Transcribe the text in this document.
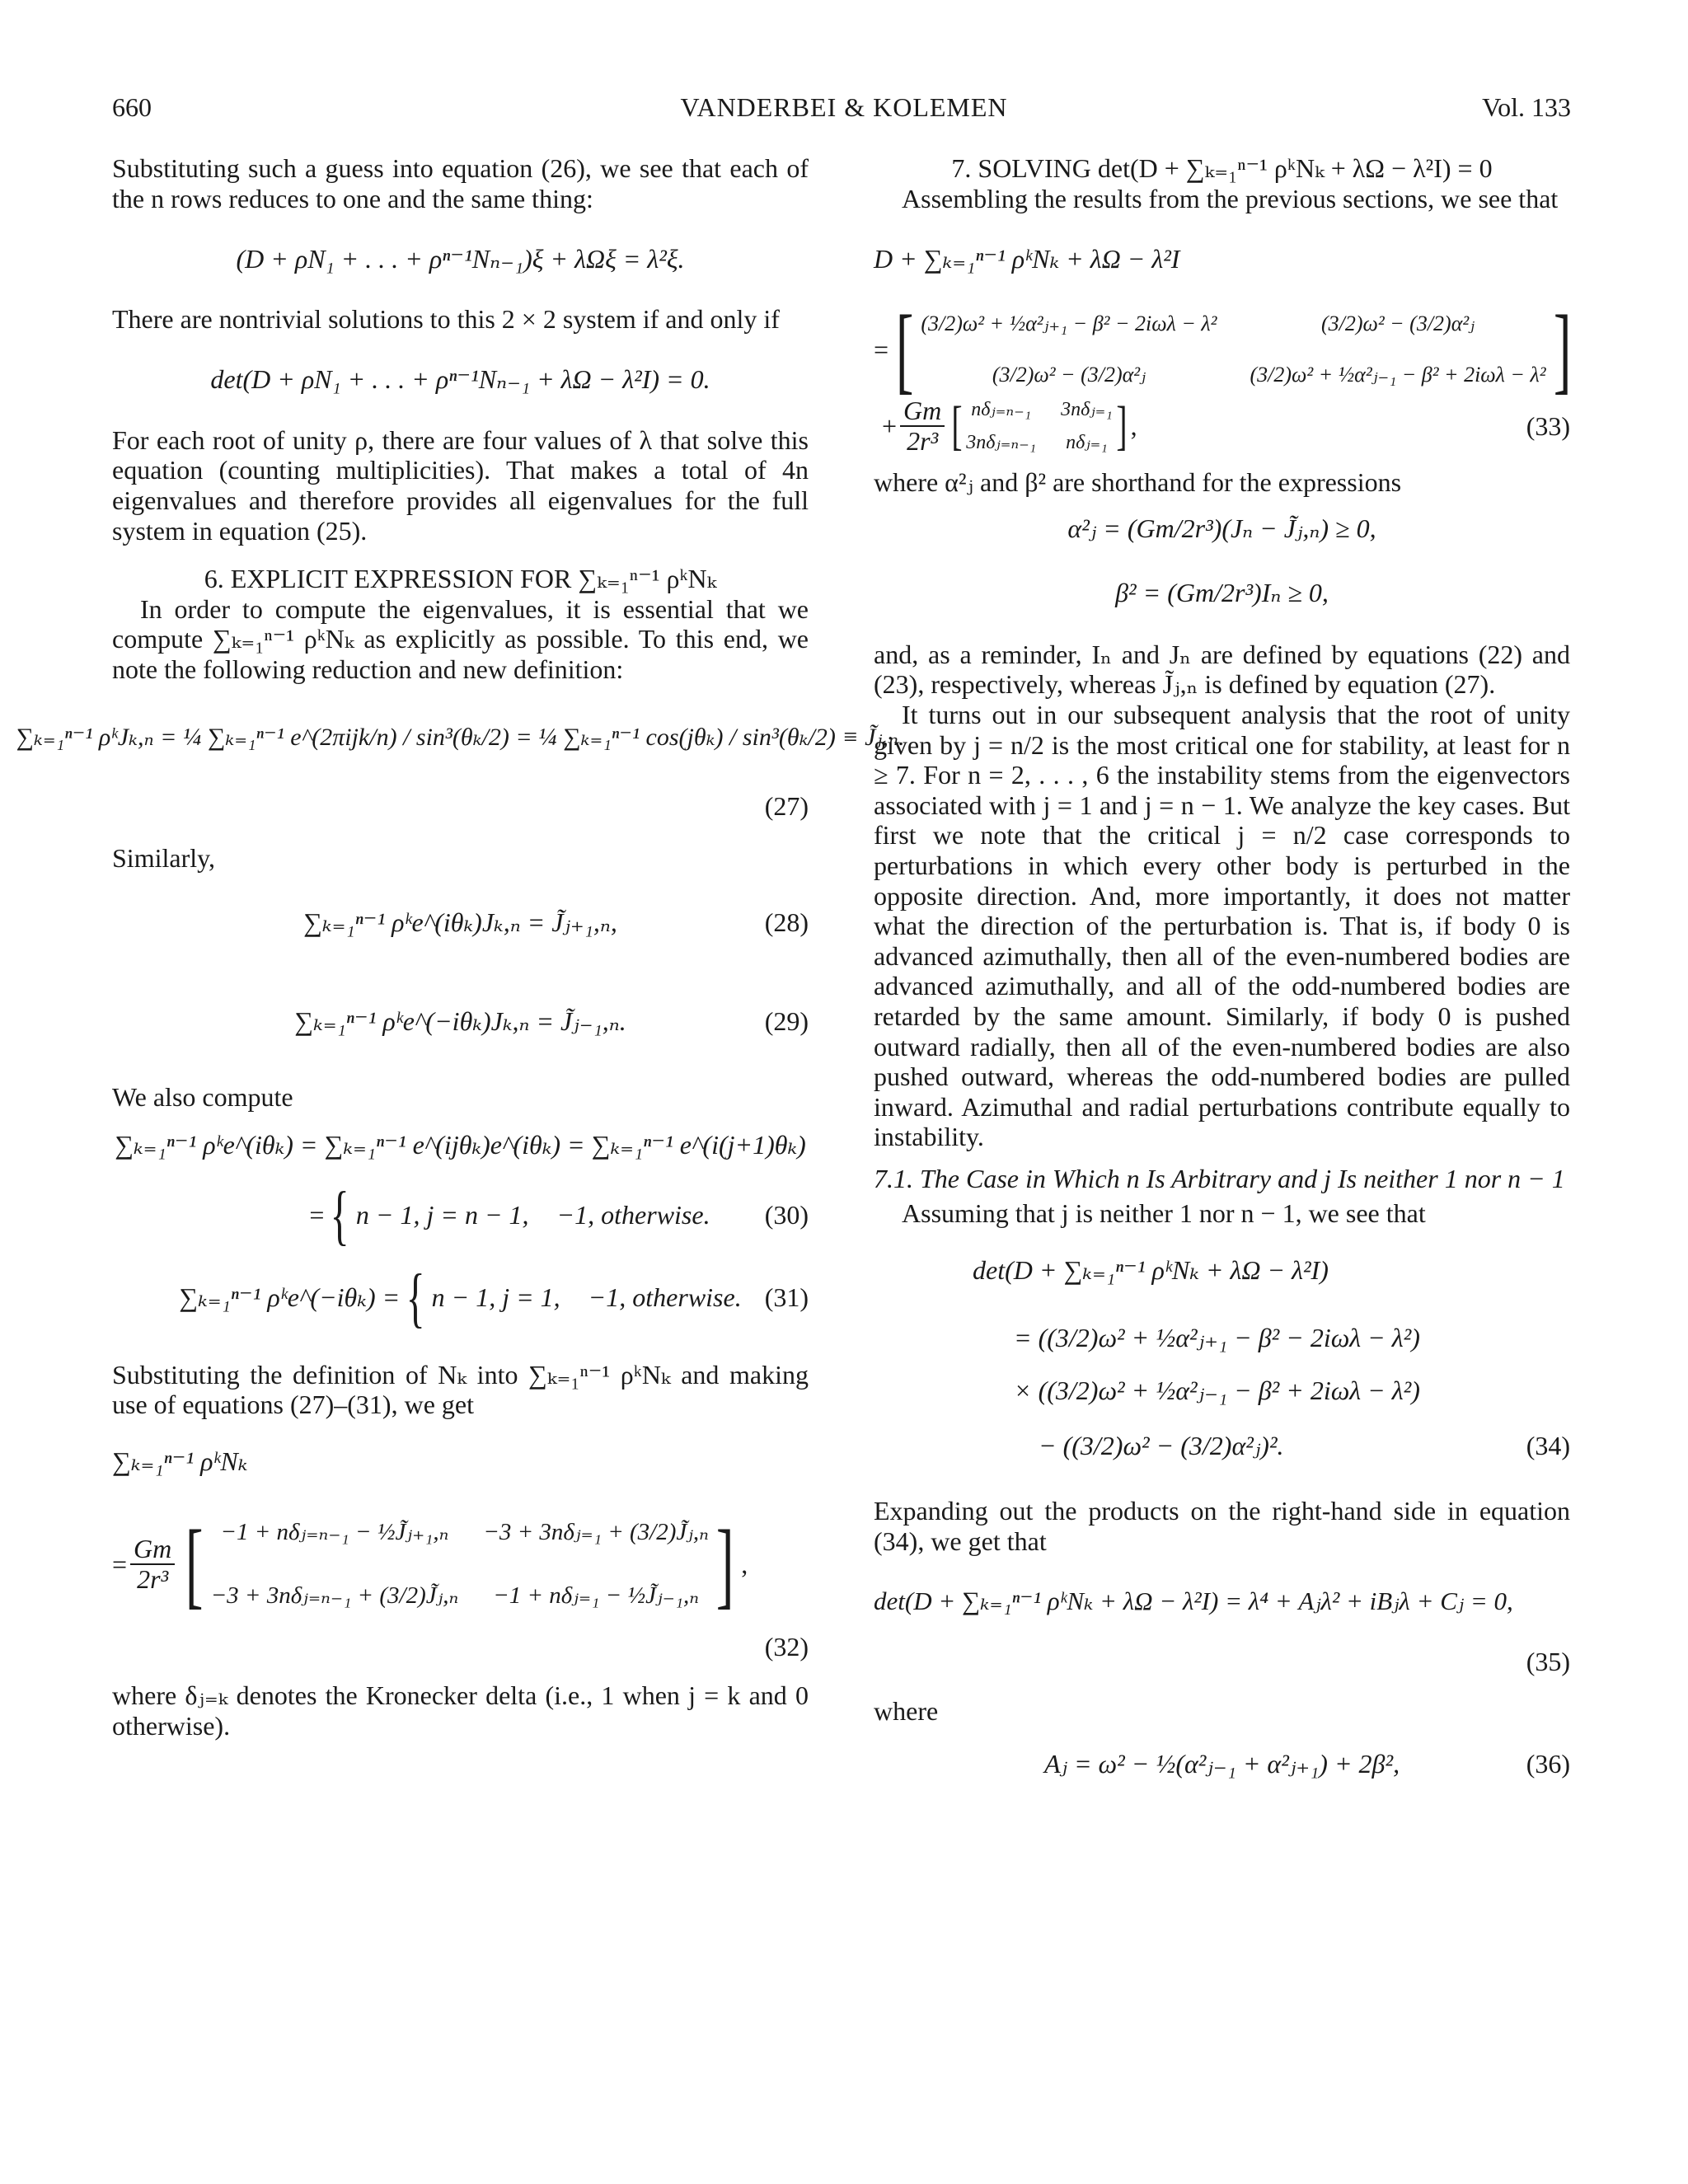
660	VANDERBEI & KOLEMEN	Vol. 133

Substituting such a guess into equation (26), we see that each of the n rows reduces to one and the same thing:

(D + ρN₁ + . . . + ρⁿ⁻¹Nₙ₋₁)ξ + λΩξ = λ²ξ.

There are nontrivial solutions to this 2 × 2 system if and only if

det(D + ρN₁ + . . . + ρⁿ⁻¹Nₙ₋₁ + λΩ − λ²I) = 0.

For each root of unity ρ, there are four values of λ that solve this equation (counting multiplicities). That makes a total of 4n eigenvalues and therefore provides all eigenvalues for the full system in equation (25).

6. EXPLICIT EXPRESSION FOR ∑ₖ₌₁ⁿ⁻¹ ρᵏNₖ

In order to compute the eigenvalues, it is essential that we compute ∑ₖ₌₁ⁿ⁻¹ ρᵏNₖ as explicitly as possible. To this end, we note the following reduction and new definition:

∑ₖ₌₁ⁿ⁻¹ ρᵏJₖ,ₙ = ¼ ∑ₖ₌₁ⁿ⁻¹ e^(2πijk/n) / sin³(θₖ/2) = ¼ ∑ₖ₌₁ⁿ⁻¹ cos(jθₖ) / sin³(θₖ/2) ≡ J̃ⱼ,ₙ.
(27)

Similarly,

∑ₖ₌₁ⁿ⁻¹ ρᵏe^(iθₖ)Jₖ,ₙ = J̃ⱼ₊₁,ₙ,	(28)
∑ₖ₌₁ⁿ⁻¹ ρᵏe^(−iθₖ)Jₖ,ₙ = J̃ⱼ₋₁,ₙ.	(29)

We also compute

∑ₖ₌₁ⁿ⁻¹ ρᵏe^(iθₖ) = ∑ₖ₌₁ⁿ⁻¹ e^(ijθₖ)e^(iθₖ) = ∑ₖ₌₁ⁿ⁻¹ e^(i(j+1)θₖ)
= { n − 1, j = n − 1, −1, otherwise. (30)
∑ₖ₌₁ⁿ⁻¹ ρᵏe^(−iθₖ) = { n − 1, j = 1, −1, otherwise. (31)

Substituting the definition of Nₖ into ∑ₖ₌₁ⁿ⁻¹ ρᵏNₖ and making use of equations (27)–(31), we get

∑ₖ₌₁ⁿ⁻¹ ρᵏNₖ
= $\frac{Gm}{\text{2r³}}$ [ −1 + nδⱼ₌ₙ₋₁ − ½J̃ⱼ₊₁,ₙ	−3 + 3nδⱼ₌₁ + (3/2)J̃ⱼ,ₙ
−3 + 3nδⱼ₌ₙ₋₁ + (3/2)J̃ⱼ,ₙ	−1 + nδⱼ₌₁ − ½J̃ⱼ₋₁,ₙ ] ,
(32)

where δⱼ₌ₖ denotes the Kronecker delta (i.e., 1 when j = k and 0 otherwise).

7. SOLVING det(D + ∑ₖ₌₁ⁿ⁻¹ ρᵏNₖ + λΩ − λ²I) = 0

Assembling the results from the previous sections, we see that

D + ∑ₖ₌₁ⁿ⁻¹ ρᵏNₖ + λΩ − λ²I
= [ (3/2)ω² + ½α²ⱼ₊₁ − β² − 2iωλ − λ²	(3/2)ω² − (3/2)α²ⱼ
(3/2)ω² − (3/2)α²ⱼ	(3/2)ω² + ½α²ⱼ₋₁ − β² + 2iωλ − λ² ]
+ $\frac{Gm}{\text{2r³}}$ [ nδⱼ₌ₙ₋₁ 3nδⱼ₌₁
3nδⱼ₌ₙ₋₁ nδⱼ₌₁ ] ,	(33)

where α²ⱼ and β² are shorthand for the expressions

α²ⱼ = (Gm/2r³)(Jₙ − J̃ⱼ,ₙ) ≥ 0,
β² = (Gm/2r³)Iₙ ≥ 0,

and, as a reminder, Iₙ and Jₙ are defined by equations (22) and (23), respectively, whereas J̃ⱼ,ₙ is defined by equation (27).

It turns out in our subsequent analysis that the root of unity given by j = n/2 is the most critical one for stability, at least for n ≥ 7. For n = 2, . . . , 6 the instability stems from the eigenvectors associated with j = 1 and j = n − 1. We analyze the key cases. But first we note that the critical j = n/2 case corresponds to perturbations in which every other body is perturbed in the opposite direction. And, more importantly, it does not matter what the direction of the perturbation is. That is, if body 0 is advanced azimuthally, then all of the even-numbered bodies are advanced azimuthally, and all of the odd-numbered bodies are retarded by the same amount. Similarly, if body 0 is pushed outward radially, then all of the even-numbered bodies are also pushed outward, whereas the odd-numbered bodies are pulled inward. Azimuthal and radial perturbations contribute equally to instability.

7.1. The Case in Which n Is Arbitrary and j Is neither 1 nor n − 1

Assuming that j is neither 1 nor n − 1, we see that

det(D + ∑ₖ₌₁ⁿ⁻¹ ρᵏNₖ + λΩ − λ²I)
= ((3/2)ω² + ½α²ⱼ₊₁ − β² − 2iωλ − λ²)
× ((3/2)ω² + ½α²ⱼ₋₁ − β² + 2iωλ − λ²)
− ((3/2)ω² − (3/2)α²ⱼ)².	(34)

Expanding out the products on the right-hand side in equation (34), we get that

det(D + ∑ₖ₌₁ⁿ⁻¹ ρᵏNₖ + λΩ − λ²I) = λ⁴ + Aⱼλ² + iBⱼλ + Cⱼ = 0,
(35)

where

Aⱼ = ω² − ½(α²ⱼ₋₁ + α²ⱼ₊₁) + 2β²,	(36)
